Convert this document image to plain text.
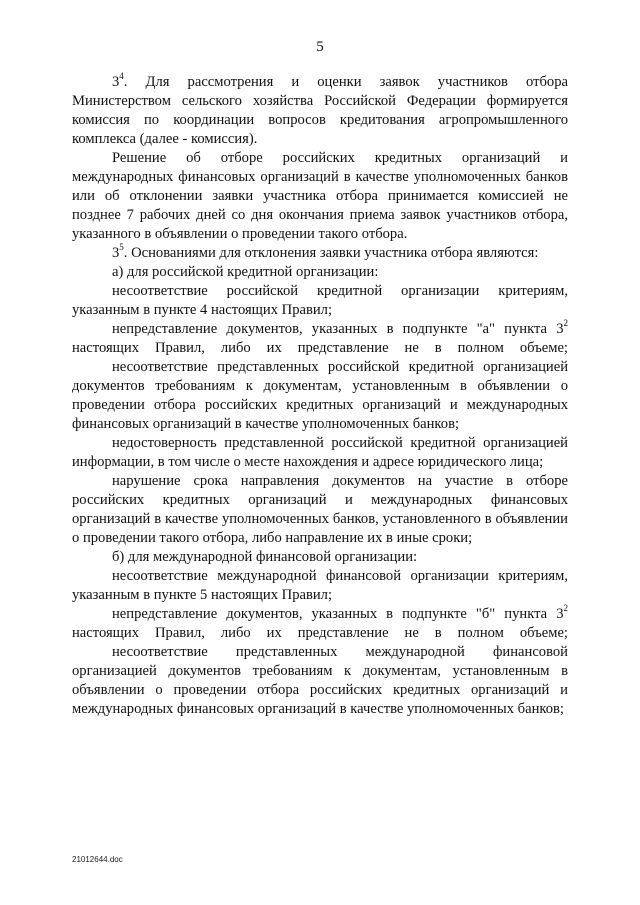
5

$3^4$. Для рассмотрения и оценки заявок участников отбора Министерством сельского хозяйства Российской Федерации формируется комиссия по координации вопросов кредитования агропромышленного комплекса (далее - комиссия).

Решение об отборе российских кредитных организаций и международных финансовых организаций в качестве уполномоченных банков или об отклонении заявки участника отбора принимается комиссией не позднее 7 рабочих дней со дня окончания приема заявок участников отбора, указанного в объявлении о проведении такого отбора.

$3^5$. Основаниями для отклонения заявки участника отбора являются:

а) для российской кредитной организации:

несоответствие российской кредитной организации критериям, указанным в пункте 4 настоящих Правил;

непредставление документов, указанных в подпункте "а" пункта $3^2$
настоящих Правил, либо их представление не в полном объеме;

несоответствие представленных российской кредитной организацией документов требованиям к документам, установленным в объявлении о проведении отбора российских кредитных организаций и международных финансовых организаций в качестве уполномоченных банков;

недостоверность представленной российской кредитной организацией информации, в том числе о месте нахождения и адресе юридического лица;

нарушение срока направления документов на участие в отборе российских кредитных организаций и международных финансовых организаций в качестве уполномоченных банков, установленного в объявлении о проведении такого отбора, либо направление их в иные сроки;

б) для международной финансовой организации:

несоответствие международной финансовой организации критериям, указанным в пункте 5 настоящих Правил;

непредставление документов, указанных в подпункте "б" пункта $3^2$
настоящих Правил, либо их представление не в полном объеме;

несоответствие представленных международной финансовой организацией документов требованиям к документам, установленным в объявлении о проведении отбора российских кредитных организаций и международных финансовых организаций в качестве уполномоченных банков;

21012644.doc
